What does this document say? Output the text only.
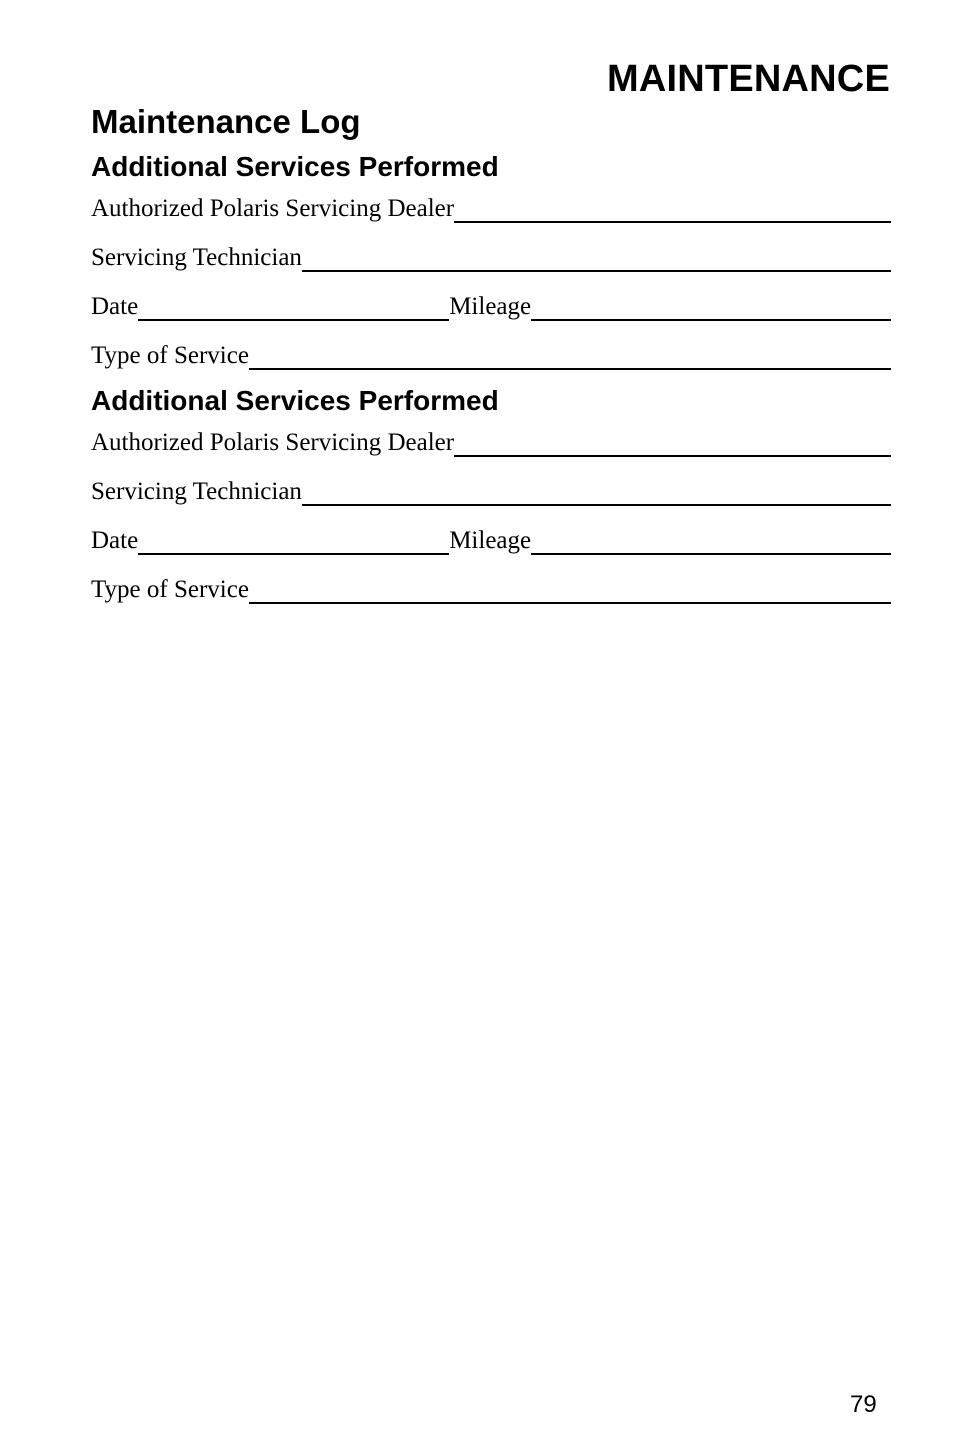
MAINTENANCE
Maintenance Log
Additional Services Performed
Authorized Polaris Servicing Dealer
Servicing Technician
Date	Mileage
Type of Service
Additional Services Performed
Authorized Polaris Servicing Dealer
Servicing Technician
Date	Mileage
Type of Service
79
